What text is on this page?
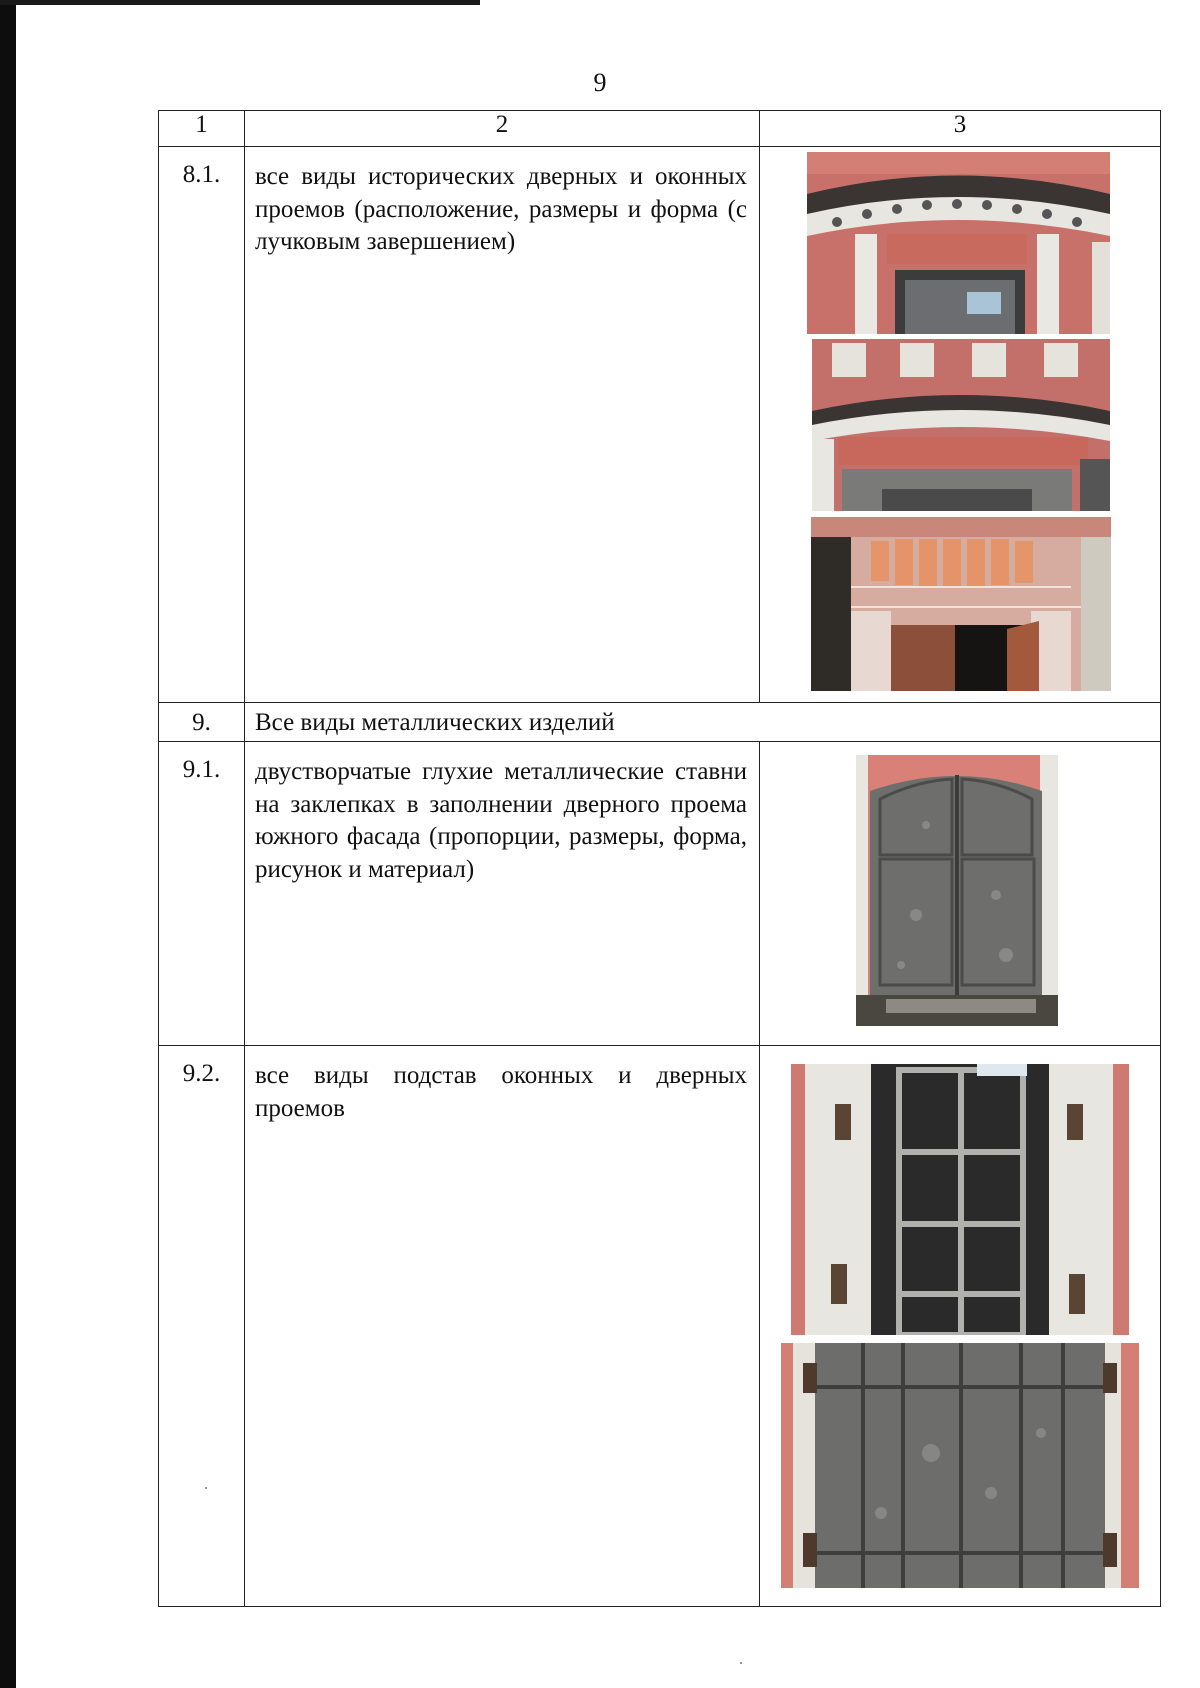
9
1	2	3
8.1.	все виды исторических дверных и оконных проемов (расположение, размеры и форма (с лучковым завершением)	

9.	Все виды металлических изделий	
9.1.	двустворчатые глухие металлические ставни на заклепках в заполнении дверного проема южного фасада (пропорции, размеры, форма, рисунок и материал)	

9.2.	все виды подстав оконных и дверных проемов	
